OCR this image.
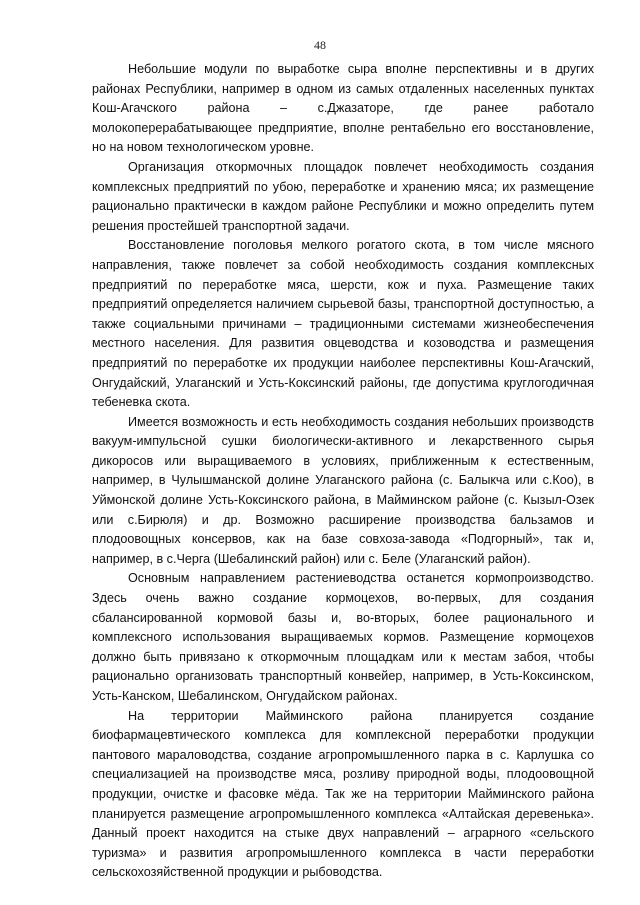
48

Небольшие модули по выработке сыра вполне перспективны и в других районах Республики, например в одном из самых отдаленных населенных пунктах Кош-Агачского района – с.Джазаторе, где ранее работало молокоперерабатывающее предприятие, вполне рентабельно его восстановление, но на новом технологическом уровне.

Организация откормочных площадок повлечет необходимость создания комплексных предприятий по убою, переработке и хранению мяса; их размещение рационально практически в каждом районе Республики и можно определить путем решения простейшей транспортной задачи.

Восстановление поголовья мелкого рогатого скота, в том числе мясного направления, также повлечет за собой необходимость создания комплексных предприятий по переработке мяса, шерсти, кож и пуха. Размещение таких предприятий определяется наличием сырьевой базы, транспортной доступностью, а также социальными причинами – традиционными системами жизнеобеспечения местного населения. Для развития овцеводства и козоводства и размещения предприятий по переработке их продукции наиболее перспективны Кош-Агачский, Онгудайский, Улаганский и Усть-Коксинский районы, где допустима круглогодичная тебеневка скота.

Имеется возможность и есть необходимость создания небольших производств вакуум-импульсной сушки биологически-активного и лекарственного сырья дикоросов или выращиваемого в условиях, приближенным к естественным, например, в Чулышманской долине Улаганского района (с. Балыкча или с.Коо), в Уймонской долине Усть-Коксинского района, в Майминском районе (с. Кызыл-Озек или с.Бирюля) и др. Возможно расширение производства бальзамов и плодоовощных консервов, как на базе совхоза-завода «Подгорный», так и, например, в с.Черга (Шебалинский район) или с. Беле (Улаганский район).

Основным направлением растениеводства останется кормопроизводство. Здесь очень важно создание кормоцехов, во-первых, для создания сбалансированной кормовой базы и, во-вторых, более рационального и комплексного использования выращиваемых кормов. Размещение кормоцехов должно быть привязано к откормочным площадкам или к местам забоя, чтобы рационально организовать транспортный конвейер, например, в Усть-Коксинском, Усть-Канском, Шебалинском, Онгудайском районах.

На территории Майминского района планируется создание биофармацевтического комплекса для комплексной переработки продукции пантового мараловодства, создание агропромышленного парка в с. Карлушка со специализацией на производстве мяса, розливу природной воды, плодоовощной продукции, очистке и фасовке мёда. Так же на территории Майминского района планируется размещение агропромышленного комплекса «Алтайская деревенька». Данный проект находится на стыке двух направлений – аграрного «сельского туризма» и развития агропромышленного комплекса в части переработки сельскохозяйственной продукции и рыбоводства.
